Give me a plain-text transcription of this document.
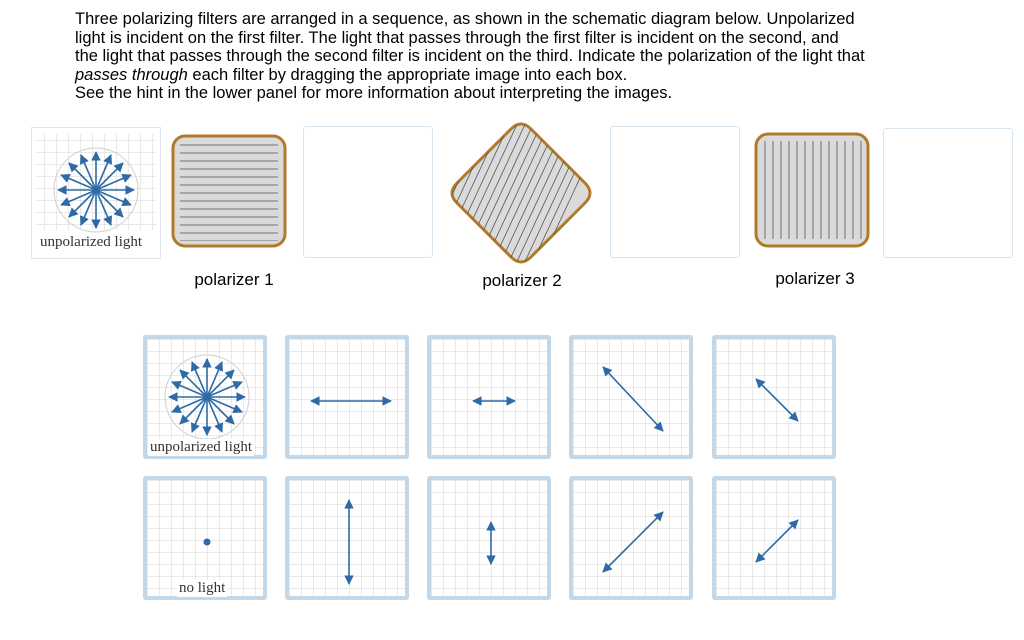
Three polarizing filters are arranged in a sequence, as shown in the schematic diagram below. Unpolarized

light is incident on the first filter. The light that passes through the first filter is incident on the second, and

the light that passes through the second filter is incident on the third. Indicate the polarization of the light that

passes through each filter by dragging the appropriate image into each box.

See the hint in the lower panel for more information about interpreting the images.

unpolarized light
polarizer 1	polarizer 2	polarizer 3
unpolarized light
no light
